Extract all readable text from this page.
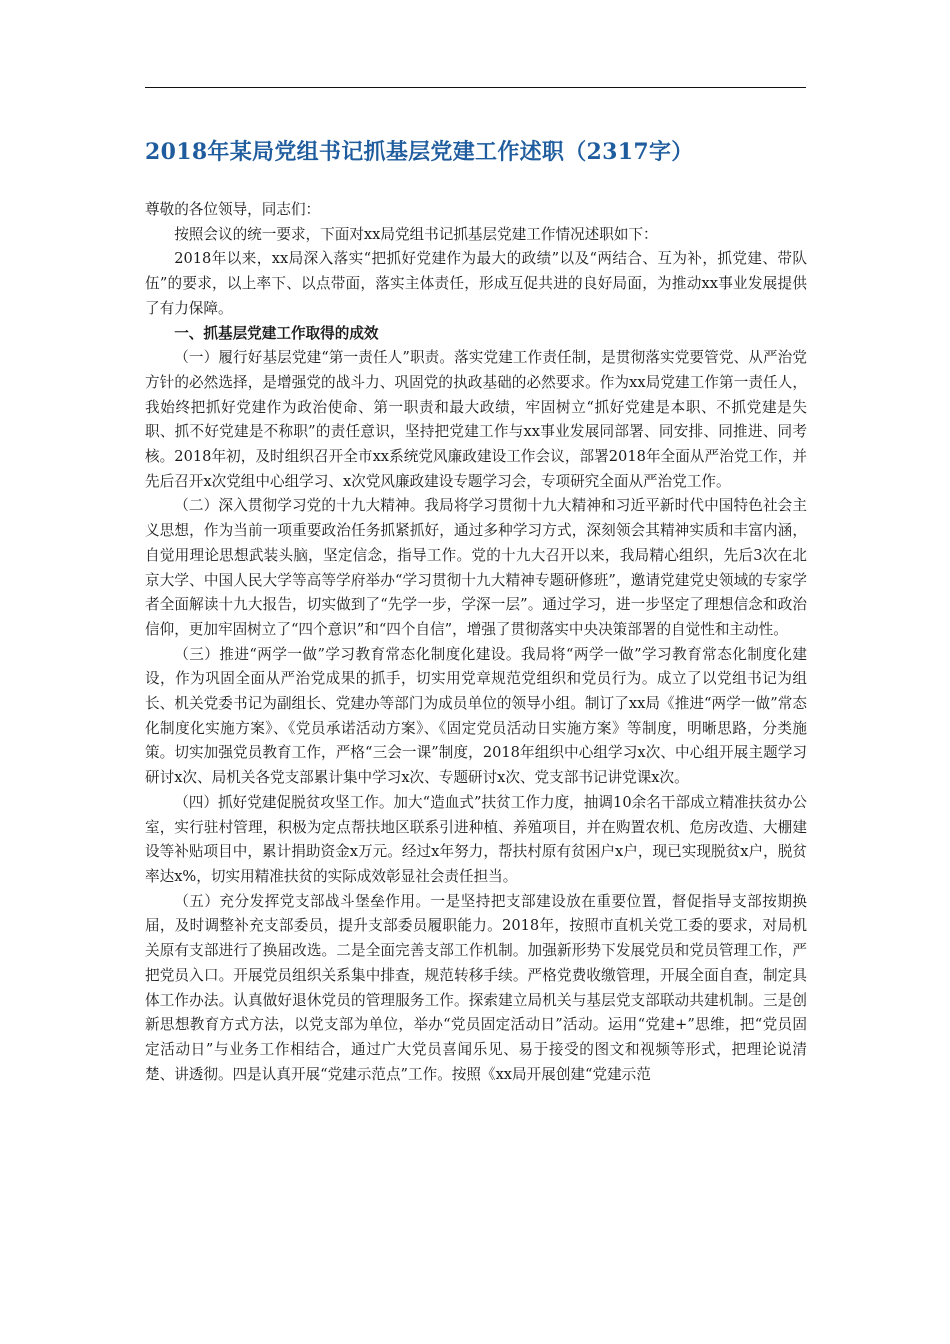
2018年某局党组书记抓基层党建工作述职（2317字）

尊敬的各位领导，同志们：

按照会议的统一要求，下面对xx局党组书记抓基层党建工作情况述职如下：

2018年以来，xx局深入落实“把抓好党建作为最大的政绩”以及“两结合、互为补，抓党建、带队伍”的要求，以上率下、以点带面，落实主体责任，形成互促共进的良好局面，为推动xx事业发展提供了有力保障。

一、抓基层党建工作取得的成效

（一）履行好基层党建“第一责任人”职责。落实党建工作责任制，是贯彻落实党要管党、从严治党方针的必然选择，是增强党的战斗力、巩固党的执政基础的必然要求。作为xx局党建工作第一责任人，我始终把抓好党建作为政治使命、第一职责和最大政绩，牢固树立“抓好党建是本职、不抓党建是失职、抓不好党建是不称职”的责任意识，坚持把党建工作与xx事业发展同部署、同安排、同推进、同考核。2018年初，及时组织召开全市xx系统党风廉政建设工作会议，部署2018年全面从严治党工作，并先后召开x次党组中心组学习、x次党风廉政建设专题学习会，专项研究全面从严治党工作。

（二）深入贯彻学习党的十九大精神。我局将学习贯彻十九大精神和习近平新时代中国特色社会主义思想，作为当前一项重要政治任务抓紧抓好，通过多种学习方式，深刻领会其精神实质和丰富内涵，自觉用理论思想武装头脑，坚定信念，指导工作。党的十九大召开以来，我局精心组织，先后3次在北京大学、中国人民大学等高等学府举办“学习贯彻十九大精神专题研修班”，邀请党建党史领域的专家学者全面解读十九大报告，切实做到了“先学一步，学深一层”。通过学习，进一步坚定了理想信念和政治信仰，更加牢固树立了“四个意识”和“四个自信”，增强了贯彻落实中央决策部署的自觉性和主动性。

（三）推进“两学一做”学习教育常态化制度化建设。我局将“两学一做”学习教育常态化制度化建设，作为巩固全面从严治党成果的抓手，切实用党章规范党组织和党员行为。成立了以党组书记为组长、机关党委书记为副组长、党建办等部门为成员单位的领导小组。制订了xx局《推进“两学一做”常态化制度化实施方案》、《党员承诺活动方案》、《固定党员活动日实施方案》等制度，明晰思路，分类施策。切实加强党员教育工作，严格“三会一课”制度，2018年组织中心组学习x次、中心组开展主题学习研讨x次、局机关各党支部累计集中学习x次、专题研讨x次、党支部书记讲党课x次。

（四）抓好党建促脱贫攻坚工作。加大“造血式”扶贫工作力度，抽调10余名干部成立精准扶贫办公室，实行驻村管理，积极为定点帮扶地区联系引进种植、养殖项目，并在购置农机、危房改造、大棚建设等补贴项目中，累计捐助资金x万元。经过x年努力，帮扶村原有贫困户x户，现已实现脱贫x户，脱贫率达x%，切实用精准扶贫的实际成效彰显社会责任担当。

（五）充分发挥党支部战斗堡垒作用。一是坚持把支部建设放在重要位置，督促指导支部按期换届，及时调整补充支部委员，提升支部委员履职能力。2018年，按照市直机关党工委的要求，对局机关原有支部进行了换届改选。二是全面完善支部工作机制。加强新形势下发展党员和党员管理工作，严把党员入口。开展党员组织关系集中排查，规范转移手续。严格党费收缴管理，开展全面自查，制定具体工作办法。认真做好退休党员的管理服务工作。探索建立局机关与基层党支部联动共建机制。三是创新思想教育方式方法，以党支部为单位，举办“党员固定活动日”活动。运用“党建+”思维，把“党员固定活动日”与业务工作相结合，通过广大党员喜闻乐见、易于接受的图文和视频等形式，把理论说清楚、讲透彻。四是认真开展“党建示范点”工作。按照《xx局开展创建“党建示范
